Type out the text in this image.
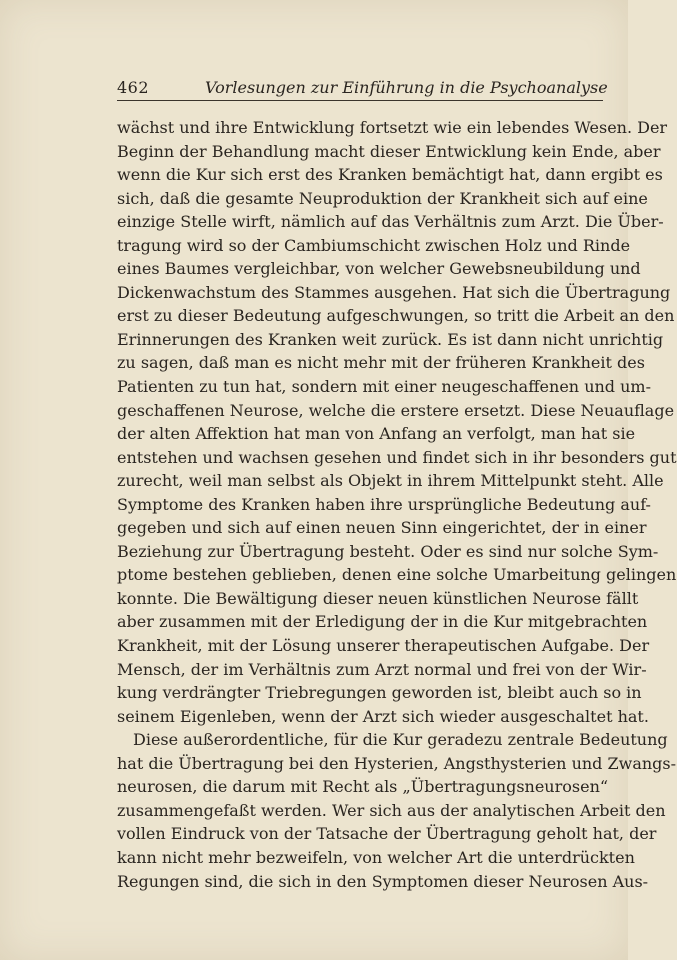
462	Vorlesungen zur Einführung in die Psychoanalyse
wächst und ihre Entwicklung fortsetzt wie ein lebendes Wesen. Der
Beginn der Behandlung macht dieser Entwicklung kein Ende, aber
wenn die Kur sich erst des Kranken bemächtigt hat, dann ergibt es
sich, daß die gesamte Neuproduktion der Krankheit sich auf eine
einzige Stelle wirft, nämlich auf das Verhältnis zum Arzt. Die Über-
tragung wird so der Cambiumschicht zwischen Holz und Rinde
eines Baumes vergleichbar, von welcher Gewebsneubildung und
Dickenwachstum des Stammes ausgehen. Hat sich die Übertragung
erst zu dieser Bedeutung aufgeschwungen, so tritt die Arbeit an den
Erinnerungen des Kranken weit zurück. Es ist dann nicht unrichtig
zu sagen, daß man es nicht mehr mit der früheren Krankheit des
Patienten zu tun hat, sondern mit einer neugeschaffenen und um-
geschaffenen Neurose, welche die erstere ersetzt. Diese Neuauflage
der alten Affektion hat man von Anfang an verfolgt, man hat sie
entstehen und wachsen gesehen und findet sich in ihr besonders gut
zurecht, weil man selbst als Objekt in ihrem Mittelpunkt steht. Alle
Symptome des Kranken haben ihre ursprüngliche Bedeutung auf-
gegeben und sich auf einen neuen Sinn eingerichtet, der in einer
Beziehung zur Übertragung besteht. Oder es sind nur solche Sym-
ptome bestehen geblieben, denen eine solche Umarbeitung gelingen
konnte. Die Bewältigung dieser neuen künstlichen Neurose fällt
aber zusammen mit der Erledigung der in die Kur mitgebrachten
Krankheit, mit der Lösung unserer therapeutischen Aufgabe. Der
Mensch, der im Verhältnis zum Arzt normal und frei von der Wir-
kung verdrängter Triebregungen geworden ist, bleibt auch so in
seinem Eigenleben, wenn der Arzt sich wieder ausgeschaltet hat.
Diese außerordentliche, für die Kur geradezu zentrale Bedeutung
hat die Übertragung bei den Hysterien, Angsthysterien und Zwangs-
neurosen, die darum mit Recht als „Übertragungsneurosen“
zusammengefaßt werden. Wer sich aus der analytischen Arbeit den
vollen Eindruck von der Tatsache der Übertragung geholt hat, der
kann nicht mehr bezweifeln, von welcher Art die unterdrückten
Regungen sind, die sich in den Symptomen dieser Neurosen Aus-
